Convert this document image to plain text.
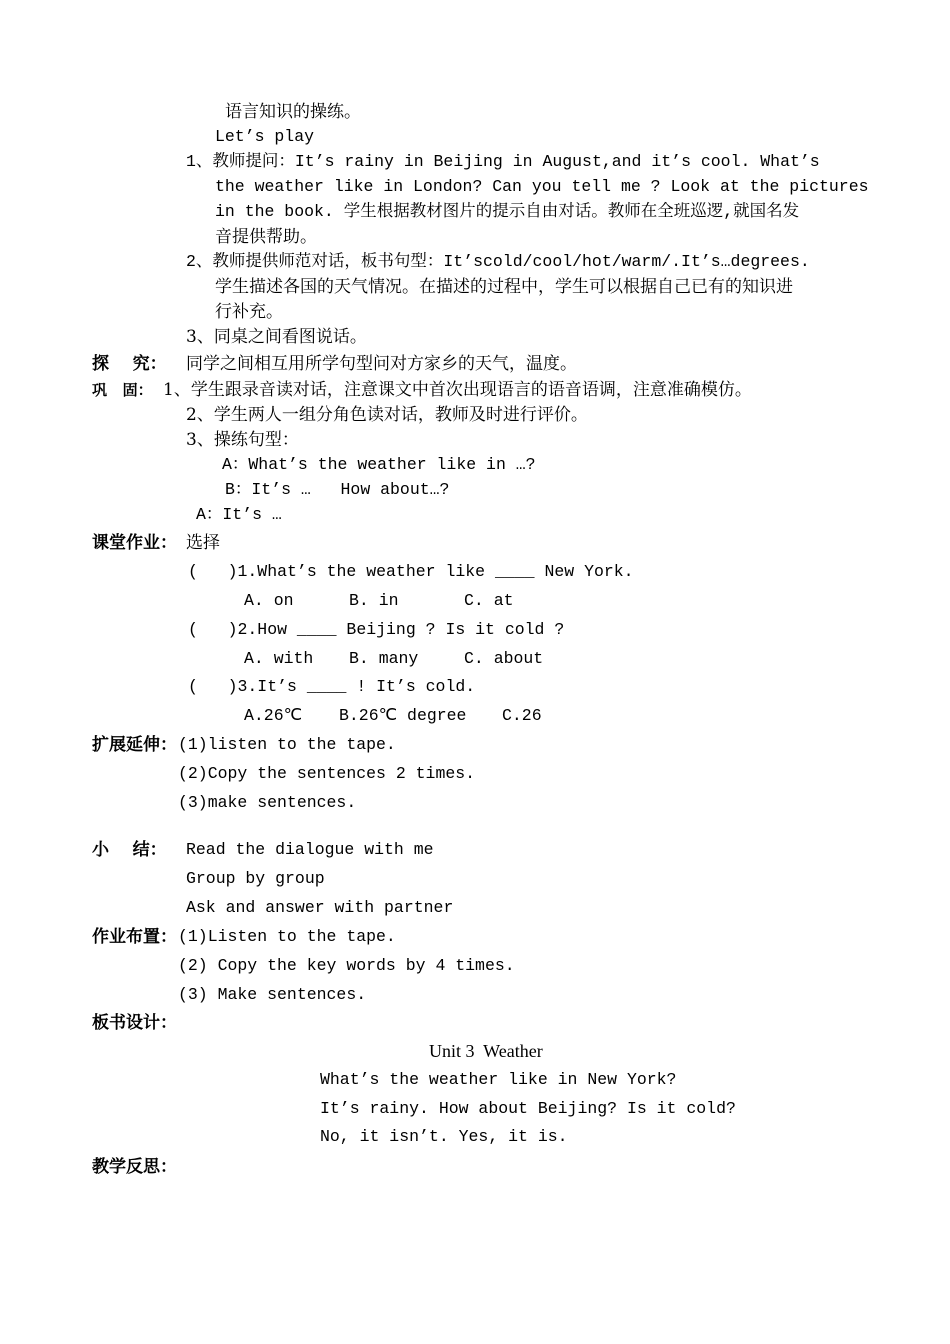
语言知识的操练。
Let’s play
1、教师提问：It’s rainy in Beijing in August,and it’s cool. What’s
the weather like in London? Can you tell me ? Look at the pictures
in the book. 学生根据教材图片的提示自由对话。教师在全班巡逻,就国名发
音提供帮助。
2、教师提供师范对话，板书句型：It’scold/cool/hot/warm/.It’s…degrees.
学生描述各国的天气情况。在描述的过程中，学生可以根据自己已有的知识进
行补充。
3、同桌之间看图说话。
探    究： 同学之间相互用所学句型问对方家乡的天气，温度。
巩   固： 1、学生跟录音读对话，注意课文中首次出现语言的语音语调，注意准确模仿。
2、学生两人一组分角色读对话，教师及时进行评价。
3、操练句型：
A：What’s the weather like in …?
B：It’s …   How about…?
A：It’s …
课堂作业： 选择
(   )1.What’s the weather like ____ New York.
A. on	B. in	C. at
(   )2.How ____ Beijing ? Is it cold ?
A. with B. many	C. about
(   )3.It’s ____ ! It’s cold.
A.26℃ B.26℃ degree C.26
扩展延伸： (1)listen to the tape.
(2)Copy the sentences 2 times.
(3)make sentences.
小    结： Read the dialogue with me
Group by group
Ask and answer with partner
作业布置： (1)Listen to the tape.
(2) Copy the key words by 4 times.
(3) Make sentences.
板书设计：
Unit 3  Weather
What’s the weather like in New York?
It’s rainy. How about Beijing? Is it cold?
No, it isn’t. Yes, it is.
教学反思：
